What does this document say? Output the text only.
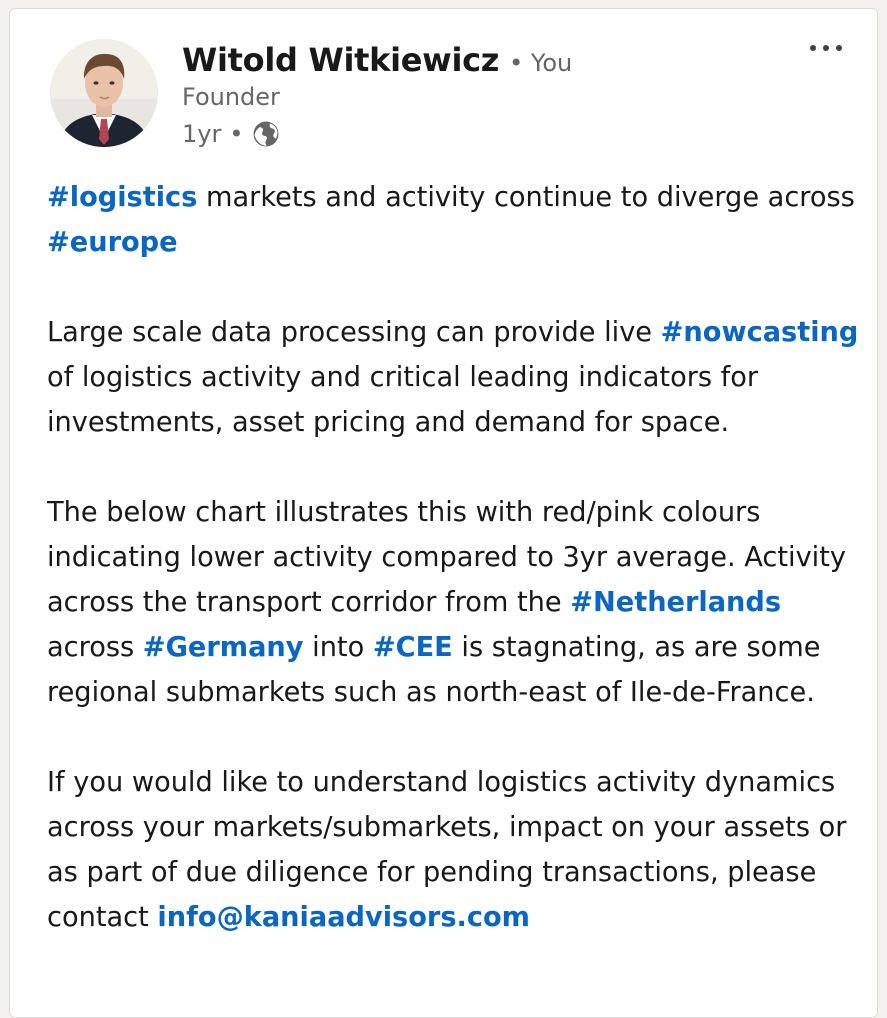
Witold Witkiewicz • You
Founder
1yr •

#logistics markets and activity continue to diverge across #europe

Large scale data processing can provide live #nowcasting
of logistics activity and critical leading indicators for investments, asset pricing and demand for space.

The below chart illustrates this with red/pink colours indicating lower activity compared to 3yr average. Activity across the transport corridor from the #Netherlands across #Germany into #CEE is stagnating, as are some regional submarkets such as north-east of Ile-de-France.

If you would like to understand logistics activity dynamics across your markets/submarkets, impact on your assets or as part of due diligence for pending transactions, please contact info@kaniaadvisors.com
